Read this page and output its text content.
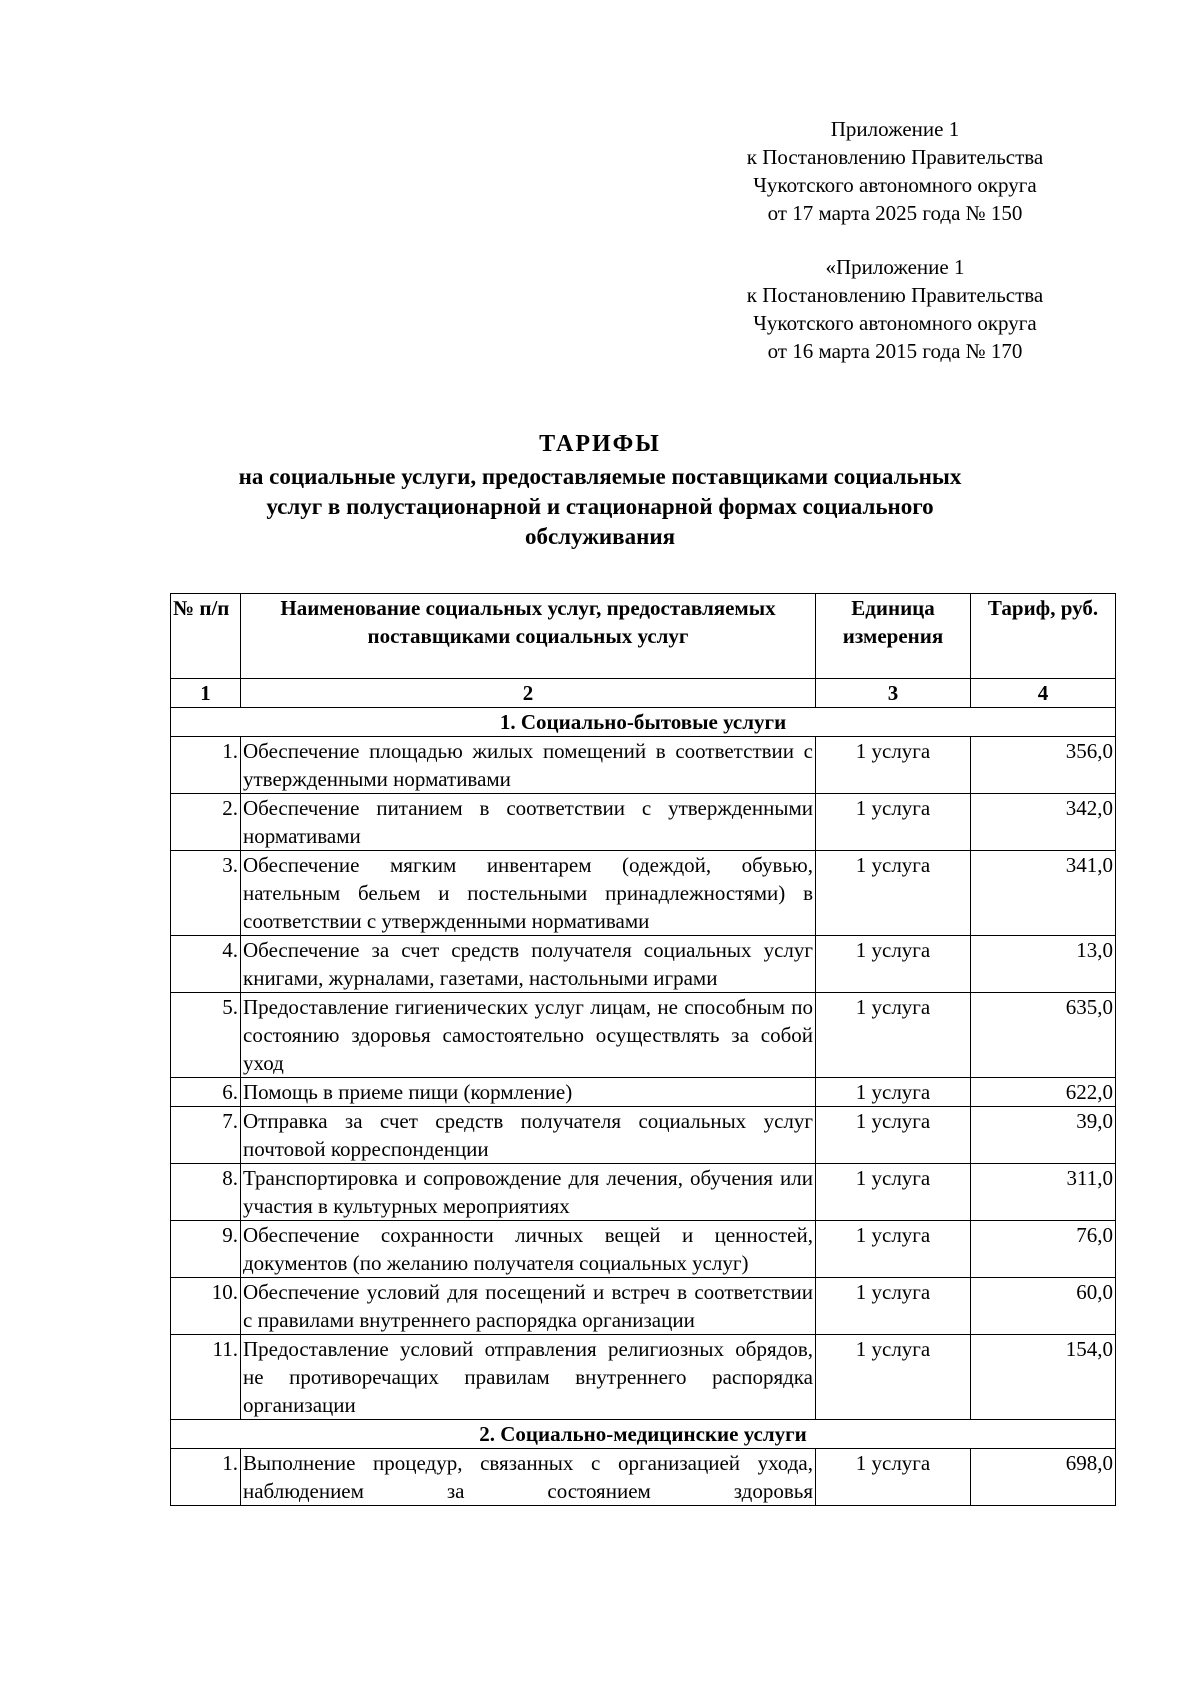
Приложение 1
к Постановлению Правительства
Чукотского автономного округа
от 17 марта 2025 года № 150
«Приложение 1
к Постановлению Правительства
Чукотского автономного округа
от 16 марта 2015 года № 170
ТАРИФЫ
на социальные услуги, предоставляемые поставщиками социальных
услуг в полустационарной и стационарной формах социального
обслуживания
№ п/п	Наименование социальных услуг, предоставляемых поставщиками социальных услуг	Единица измерения	Тариф, руб.
1	2	3	4
1. Социально-бытовые услуги			
1.	Обеспечение площадью жилых помещений в соответствии с утвержденными нормативами	1 услуга	356,0
2.	Обеспечение питанием в соответствии с утвержденными нормативами	1 услуга	342,0
3.	Обеспечение мягким инвентарем (одеждой, обувью, нательным бельем и постельными принадлежностями) в соответствии с утвержденными нормативами	1 услуга	341,0
4.	Обеспечение за счет средств получателя социальных услуг книгами, журналами, газетами, настольными играми	1 услуга	13,0
5.	Предоставление гигиенических услуг лицам, не способным по состоянию здоровья самостоятельно осуществлять за собой уход	1 услуга	635,0
6.	Помощь в приеме пищи (кормление)	1 услуга	622,0
7.	Отправка за счет средств получателя социальных услуг почтовой корреспонденции	1 услуга	39,0
8.	Транспортировка и сопровождение для лечения, обучения или участия в культурных мероприятиях	1 услуга	311,0
9.	Обеспечение сохранности личных вещей и ценностей, документов (по желанию получателя социальных услуг)	1 услуга	76,0
10.	Обеспечение условий для посещений и встреч в соответствии с правилами внутреннего распорядка организации	1 услуга	60,0
11.	Предоставление условий отправления религиозных обрядов, не противоречащих правилам внутреннего распорядка организации	1 услуга	154,0
2. Социально-медицинские услуги			
1.	Выполнение процедур, связанных с организацией ухода, наблюдением за состоянием здоровья	1 услуга	698,0
